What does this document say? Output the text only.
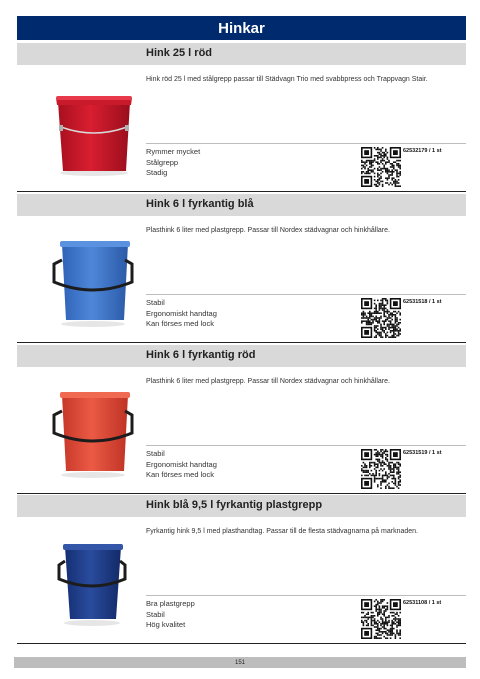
Hinkar
Hink 25 l röd
Hink röd 25 l med stålgrepp passar till Städvagn Trio med svabbpress och Trappvagn Stair.
Rymmer mycket
Stålgrepp
Stadig
62532179 / 1 st
Hink 6 l fyrkantig blå
Plasthink 6 liter med plastgrepp. Passar till Nordex städvagnar och hinkhållare.
Stabil
Ergonomiskt handtag
Kan förses med lock
62531518 / 1 st
Hink 6 l fyrkantig röd
Plasthink 6 liter med plastgrepp. Passar till Nordex städvagnar och hinkhållare.
Stabil
Ergonomiskt handtag
Kan förses med lock
62531519 / 1 st
Hink blå 9,5 l fyrkantig plastgrepp
Fyrkantig hink 9,5 l med plasthandtag. Passar till de flesta städvagnarna på marknaden.
Bra plastgrepp
Stabil
Hög kvalitet
62531108 / 1 st
151
